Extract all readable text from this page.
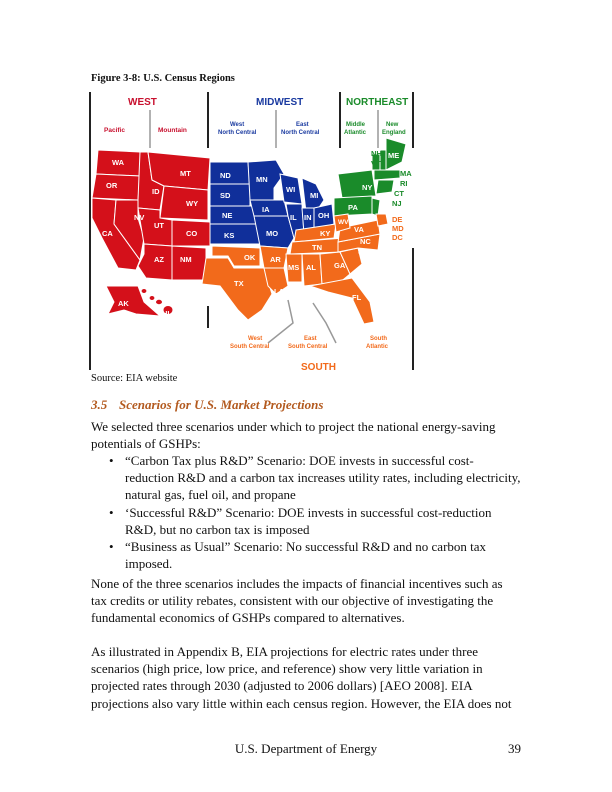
Figure 3-8: U.S. Census Regions
WEST	MIDWEST	NORTHEAST
SOUTH
Pacific	Mountain
West
North Central
East
North Central
Middle
Atlantic
New
England
West
South Central
East
South Central
South
Atlantic
WA
OR
CA
ID
NV
MT
WY
UT
CO
AZ NM
AK
ND
SD
NE
KS
MN
IA
MO
WI
MI
IL IN OH
NY
PA
OK
TX
AR
LA
KY
TN
MS AL GA
FL
SC
NC
VA
WV
HI
NH
VT
ME
MA
RI
CT
NJ
DE
MD
DC
Source: EIA website
3.5 Scenarios for U.S. Market Projections

We selected three scenarios under which to project the national energy-saving potentials of GSHPs:

• “Carbon Tax plus R&D” Scenario: DOE invests in successful cost-reduction R&D and a carbon tax increases utility rates, including electricity, natural gas, fuel oil, and propane
• ‘Successful R&D” Scenario: DOE invests in successful cost-reduction R&D, but no carbon tax is imposed
• “Business as Usual” Scenario: No successful R&D and no carbon tax imposed.

None of the three scenarios includes the impacts of financial incentives such as tax credits or utility rebates, consistent with our objective of investigating the fundamental economics of GSHPs compared to alternatives.

As illustrated in Appendix B, EIA projections for electric rates under three scenarios (high price, low price, and reference) show very little variation in projected rates through 2030 (adjusted to 2006 dollars) [AEO 2008]. EIA projections also vary little within each census region. However, the EIA does not

U.S. Department of Energy	39
